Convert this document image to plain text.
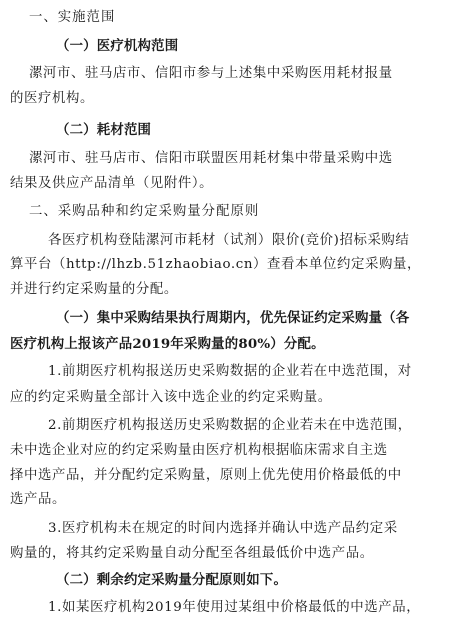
一、实施范围
（一）医疗机构范围
漯河市、驻马店市、信阳市参与上述集中采购医用耗材报量
的医疗机构。
（二）耗材范围
漯河市、驻马店市、信阳市联盟医用耗材集中带量采购中选
结果及供应产品清单（见附件）。
二、采购品种和约定采购量分配原则
各医疗机构登陆漯河市耗材（试剂）限价(竞价)招标采购结
算平台（http://lhzb.51zhaobiao.cn）查看本单位约定采购量，
并进行约定采购量的分配。
（一）集中采购结果执行周期内，优先保证约定采购量（各
医疗机构上报该产品2019年采购量的80%）分配。
1.前期医疗机构报送历史采购数据的企业若在中选范围，对
应的约定采购量全部计入该中选企业的约定采购量。
2.前期医疗机构报送历史采购数据的企业若未在中选范围，
未中选企业对应的约定采购量由医疗机构根据临床需求自主选
择中选产品，并分配约定采购量，原则上优先使用价格最低的中
选产品。
3.医疗机构未在规定的时间内选择并确认中选产品约定采
购量的，将其约定采购量自动分配至各组最低价中选产品。
（二）剩余约定采购量分配原则如下。
1.如某医疗机构2019年使用过某组中价格最低的中选产品，
